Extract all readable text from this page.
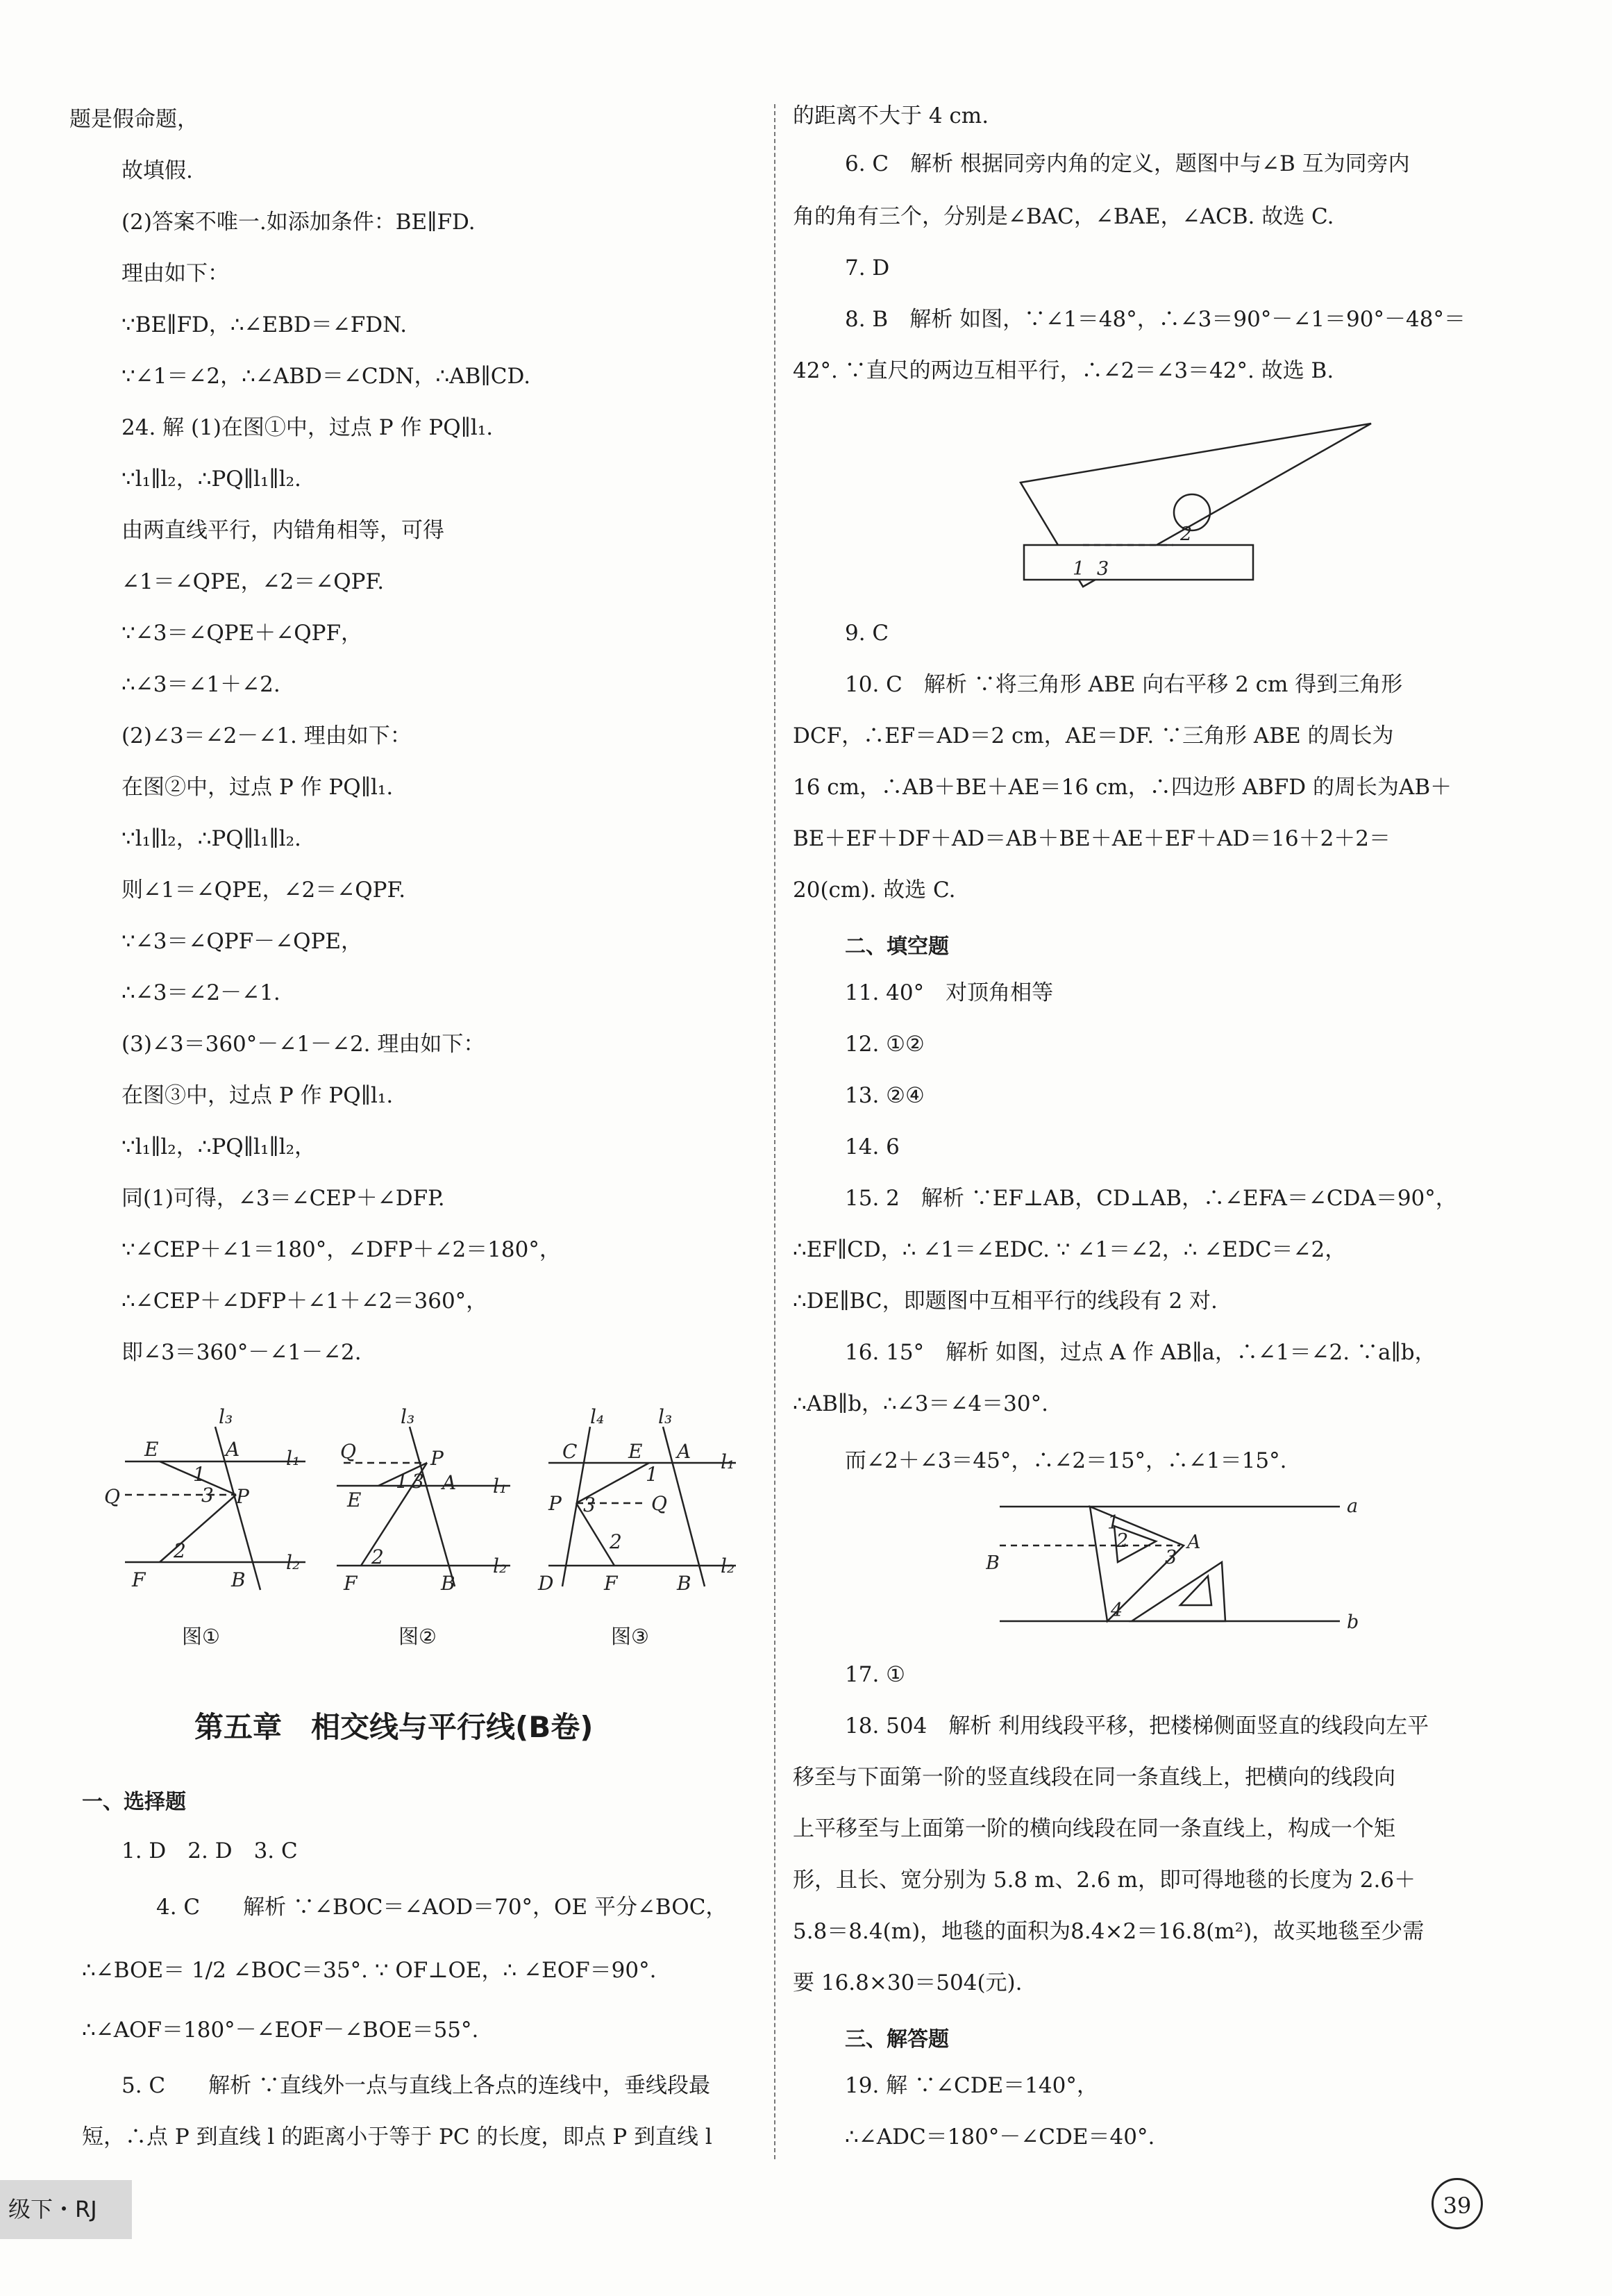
题是假命题，
故填假.
(2)答案不唯一.如添加条件：BE∥FD.
理由如下：
∵BE∥FD，∴∠EBD＝∠FDN.
∵∠1＝∠2，∴∠ABD＝∠CDN，∴AB∥CD.
24. 解 (1)在图①中，过点 P 作 PQ∥l₁.
∵l₁∥l₂，∴PQ∥l₁∥l₂.
由两直线平行，内错角相等，可得
∠1＝∠QPE，∠2＝∠QPF.
∵∠3＝∠QPE＋∠QPF，
∴∠3＝∠1＋∠2.
(2)∠3＝∠2－∠1. 理由如下：
在图②中，过点 P 作 PQ∥l₁.
∵l₁∥l₂，∴PQ∥l₁∥l₂.
则∠1＝∠QPE，∠2＝∠QPF.
∵∠3＝∠QPF－∠QPE，
∴∠3＝∠2－∠1.
(3)∠3＝360°－∠1－∠2. 理由如下：
在图③中，过点 P 作 PQ∥l₁.
∵l₁∥l₂，∴PQ∥l₁∥l₂，
同(1)可得，∠3＝∠CEP＋∠DFP.
∵∠CEP＋∠1＝180°，∠DFP＋∠2＝180°，
∴∠CEP＋∠DFP＋∠1＋∠2＝360°，
即∠3＝360°－∠1－∠2.
l₃
l₁
l₂
E	A
Q	P
F	B
1
3
2
l₃
l₁
l₂
Q	P
A
E
F	B
1 3
2
l₄	l₃
l₁
l₂
C	E A
P	Q
D	F	B
1
3
2
图①	图②	图③
第五章　相交线与平行线(B卷)
一、选择题
1. D　2. D　3. C
4. C　　解析 ∵∠BOC＝∠AOD＝70°，OE 平分∠BOC，
∴∠BOE＝ 1/2 ∠BOC＝35°. ∵ OF⊥OE，∴ ∠EOF＝90°.
∴∠AOF＝180°－∠EOF－∠BOE＝55°.
5. C　　解析 ∵直线外一点与直线上各点的连线中，垂线段最
短，∴点 P 到直线 l 的距离小于等于 PC 的长度，即点 P 到直线 l
的距离不大于 4 cm.
6. C　解析 根据同旁内角的定义，题图中与∠B 互为同旁内
角的角有三个，分别是∠BAC，∠BAE，∠ACB. 故选 C.
7. D
8. B　解析 如图，∵∠1＝48°，∴∠3＝90°－∠1＝90°－48°＝
42°. ∵直尺的两边互相平行，∴∠2＝∠3＝42°. 故选 B.
1 3
2
9. C
10. C　解析 ∵将三角形 ABE 向右平移 2 cm 得到三角形
DCF，∴EF＝AD＝2 cm，AE＝DF. ∵三角形 ABE 的周长为
16 cm，∴AB＋BE＋AE＝16 cm，∴四边形 ABFD 的周长为AB＋
BE＋EF＋DF＋AD＝AB＋BE＋AE＋EF＋AD＝16＋2＋2＝
20(cm). 故选 C.
二、填空题
11. 40°　对顶角相等
12. ①②
13. ②④
14. 6
15. 2　解析 ∵EF⊥AB，CD⊥AB，∴∠EFA＝∠CDA＝90°，
∴EF∥CD，∴ ∠1＝∠EDC. ∵ ∠1＝∠2，∴ ∠EDC＝∠2，
∴DE∥BC，即题图中互相平行的线段有 2 对.
16. 15°　解析 如图，过点 A 作 AB∥a，∴∠1＝∠2. ∵a∥b，
∴AB∥b，∴∠3＝∠4＝30°.
而∠2＋∠3＝45°，∴∠2＝15°，∴∠1＝15°.
a
b
A
B
1
2
3
4
17. ①
18. 504　解析 利用线段平移，把楼梯侧面竖直的线段向左平
移至与下面第一阶的竖直线段在同一条直线上，把横向的线段向
上平移至与上面第一阶的横向线段在同一条直线上，构成一个矩
形，且长、宽分别为 5.8 m、2.6 m，即可得地毯的长度为 2.6＋
5.8＝8.4(m)，地毯的面积为8.4×2＝16.8(m²)，故买地毯至少需
要 16.8×30＝504(元).
三、解答题
19. 解 ∵∠CDE＝140°，
∴∠ADC＝180°－∠CDE＝40°.
级下・RJ	39
